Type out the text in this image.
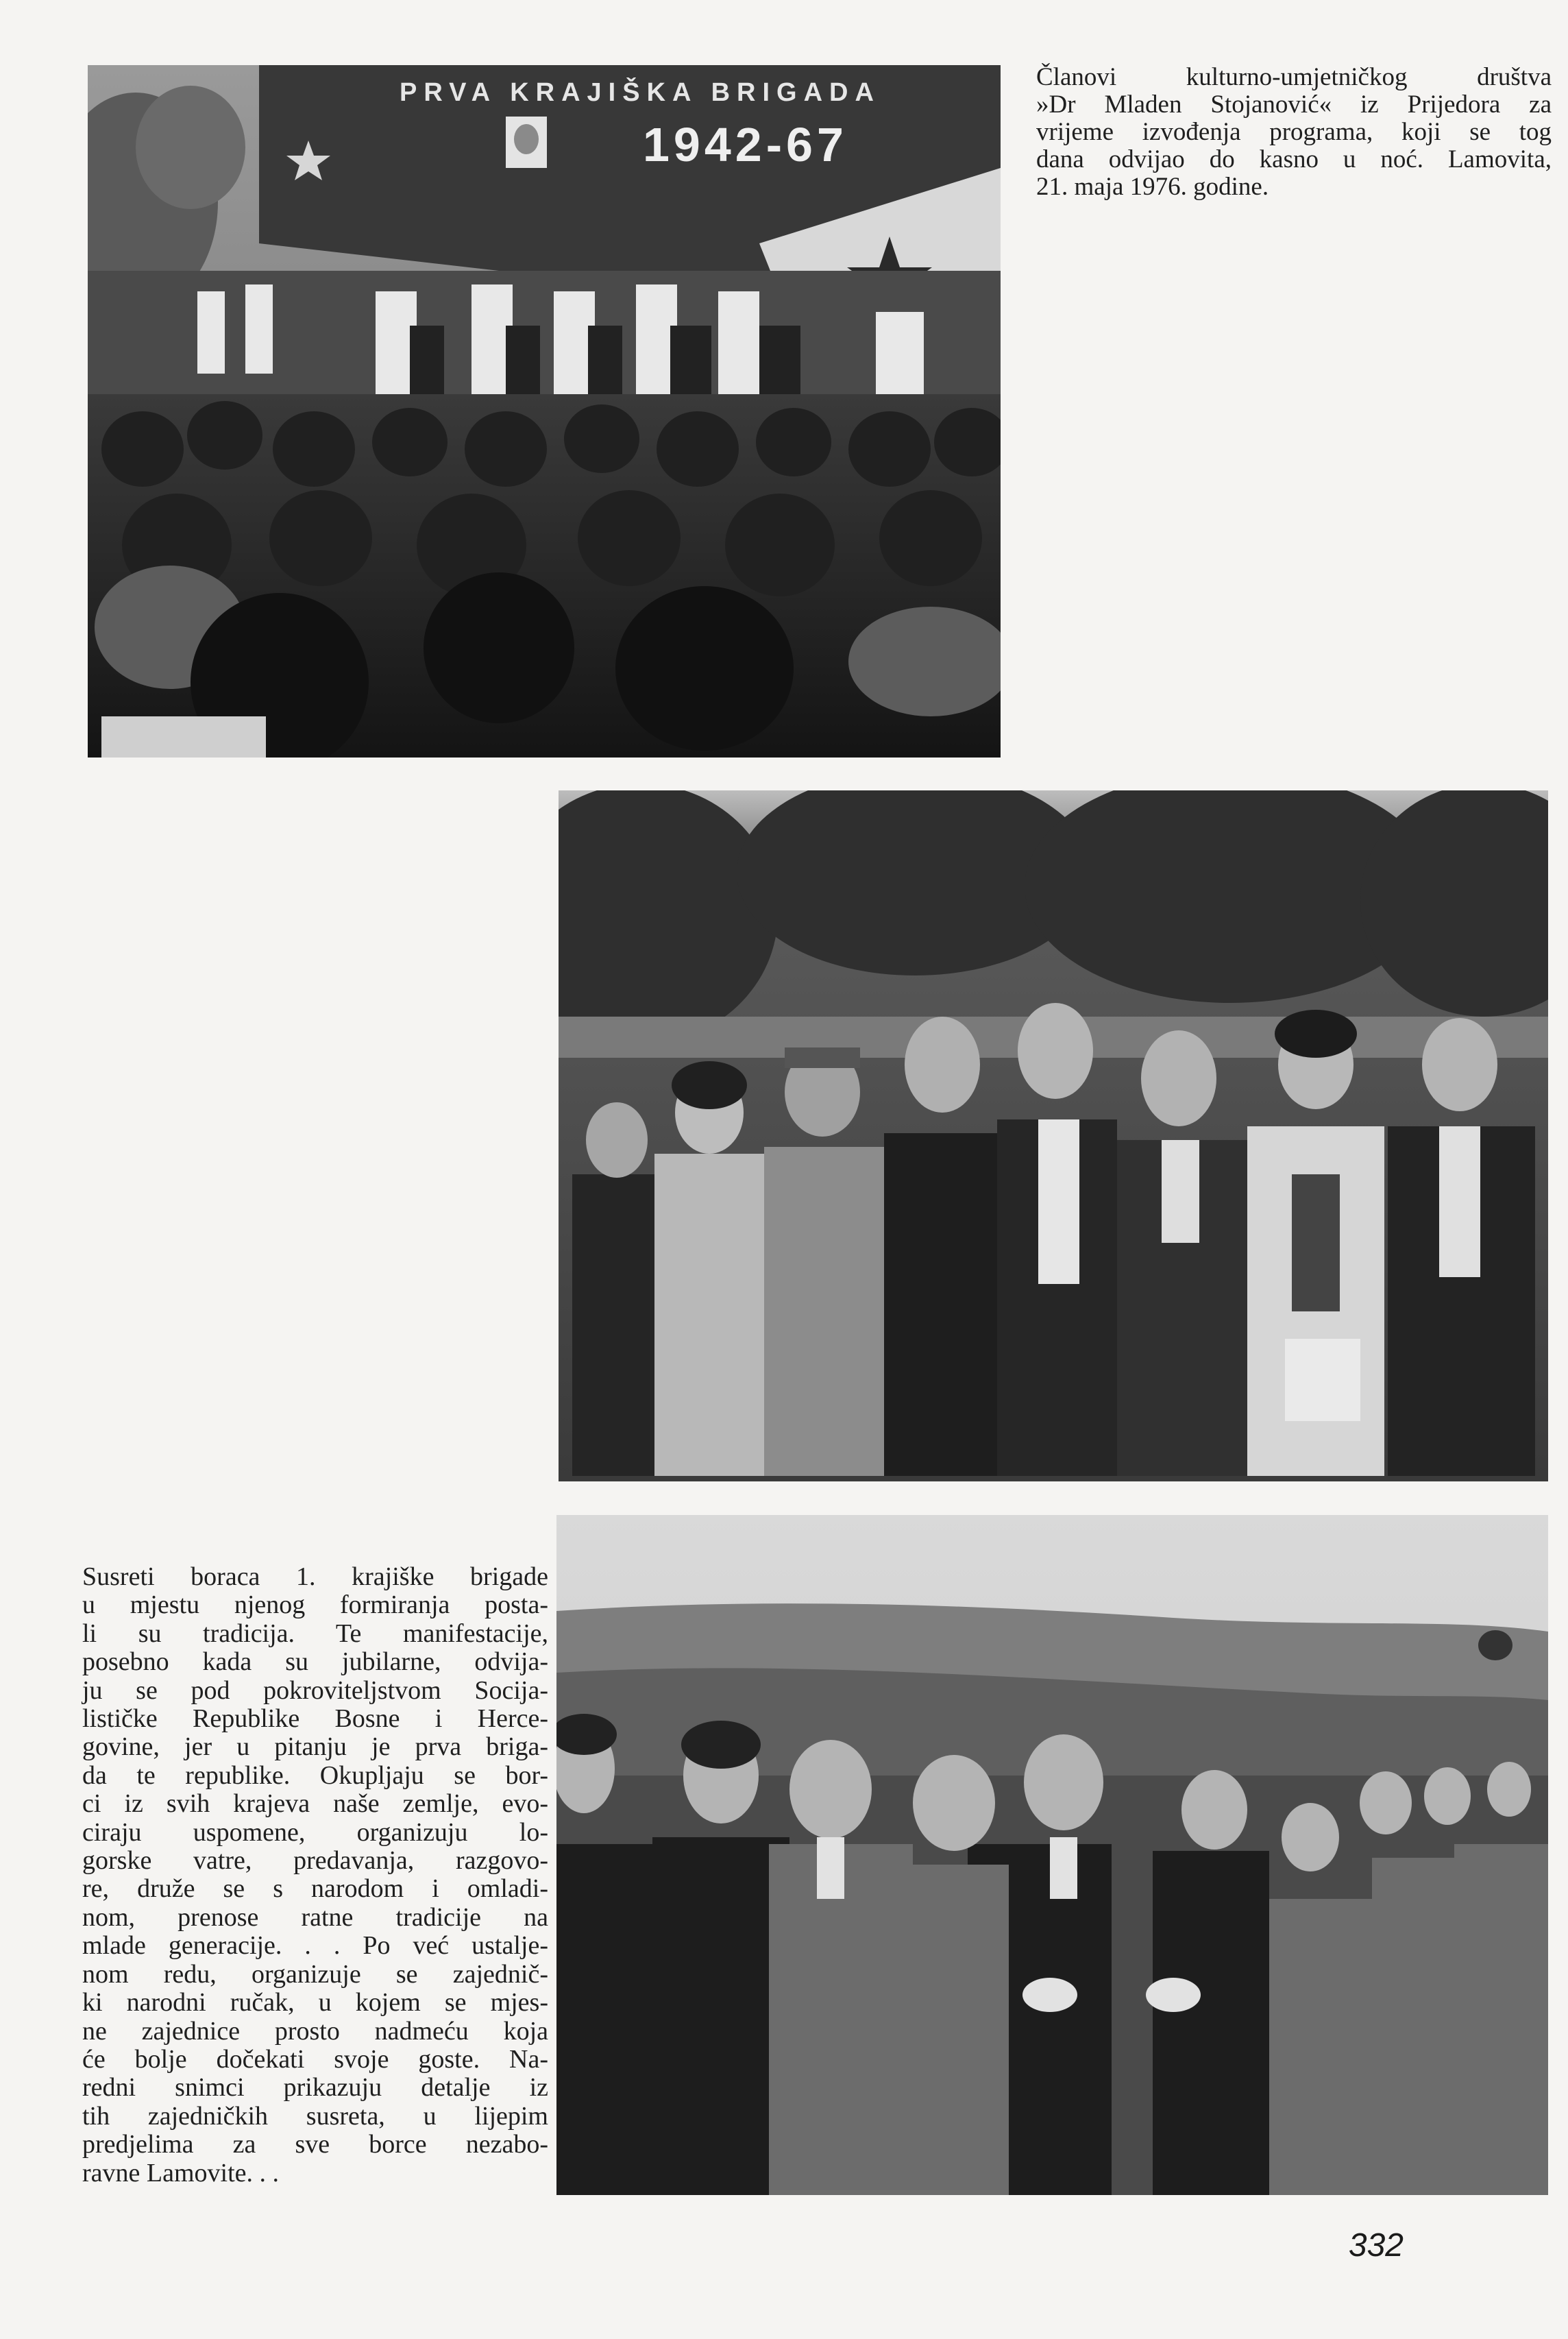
PRVA KRAJIŠKA BRIGADA
1942-67

Članovi kulturno-umjetničkog društva
»Dr Mladen Stojanović« iz Prijedora za
vrijeme izvođenja programa, koji se tog
dana odvijao do kasno u noć. Lamovita,
21. maja 1976. godine.

Susreti boraca 1. krajiške brigade
u mjestu njenog formiranja posta-
li su tradicija. Te manifestacije,
posebno kada su jubilarne, odvija-
ju se pod pokroviteljstvom Socija-
lističke Republike Bosne i Herce-
govine, jer u pitanju je prva briga-
da te republike. Okupljaju se bor-
ci iz svih krajeva naše zemlje, evo-
ciraju uspomene, organizuju lo-
gorske vatre, predavanja, razgovo-
re, druže se s narodom i omladi-
nom, prenose ratne tradicije na
mlade generacije. . . Po već ustalje-
nom redu, organizuje se zajednič-
ki narodni ručak, u kojem se mjes-
ne zajednice prosto nadmeću koja
će bolje dočekati svoje goste. Na-
redni snimci prikazuju detalje iz
tih zajedničkih susreta, u lijepim
predjelima za sve borce nezabo-
ravne Lamovite. . .

332
